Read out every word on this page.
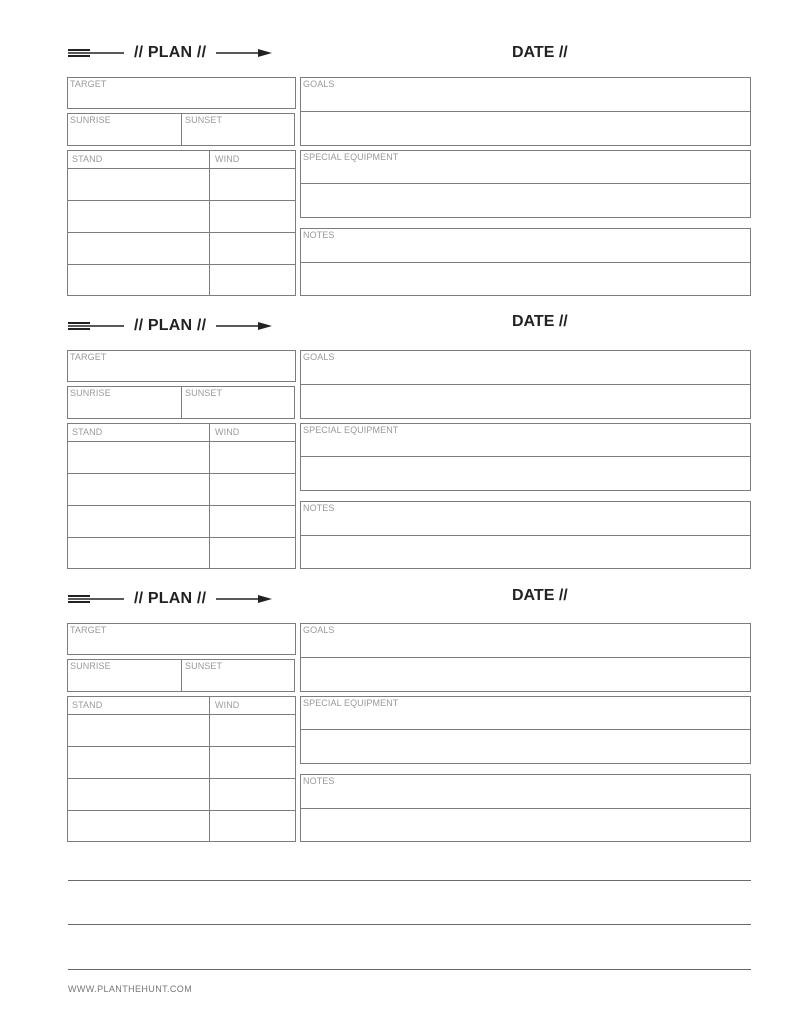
// PLAN //	DATE //
TARGET
SUNRISE	SUNSET
STAND	WIND
GOALS
SPECIAL EQUIPMENT
NOTES
// PLAN //	DATE //
TARGET
SUNRISE	SUNSET
STAND	WIND
GOALS
SPECIAL EQUIPMENT
NOTES
// PLAN //	DATE //
TARGET
SUNRISE	SUNSET
STAND	WIND
GOALS
SPECIAL EQUIPMENT
NOTES
WWW.PLANTHEHUNT.COM
